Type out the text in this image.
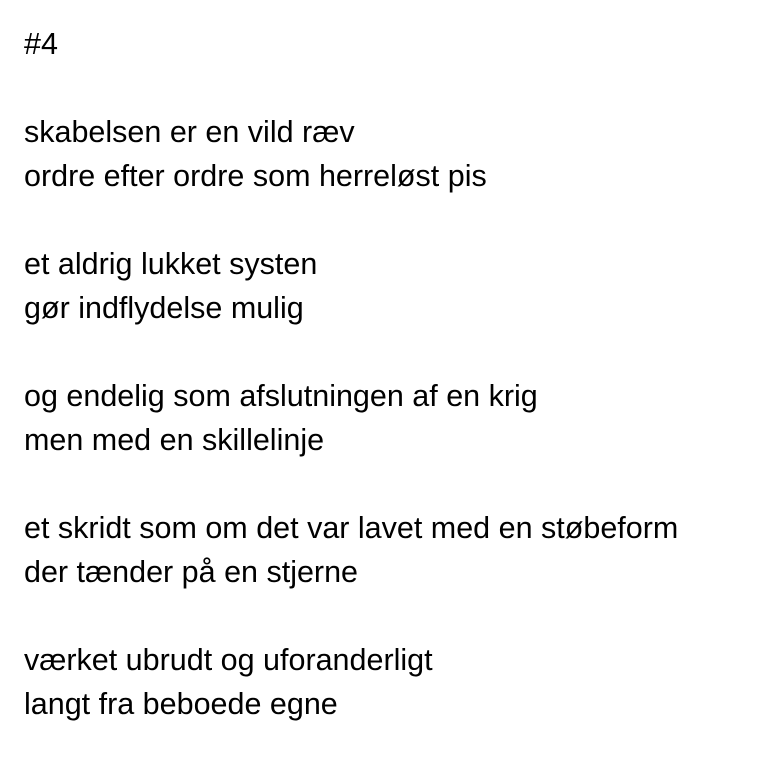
#4
skabelsen er en vild ræv
ordre efter ordre som herreløst pis
et aldrig lukket systen
gør indflydelse mulig
og endelig som afslutningen af en krig
men med en skillelinje
et skridt som om det var lavet med en støbeform
der tænder på en stjerne
værket ubrudt og uforanderligt
langt fra beboede egne
